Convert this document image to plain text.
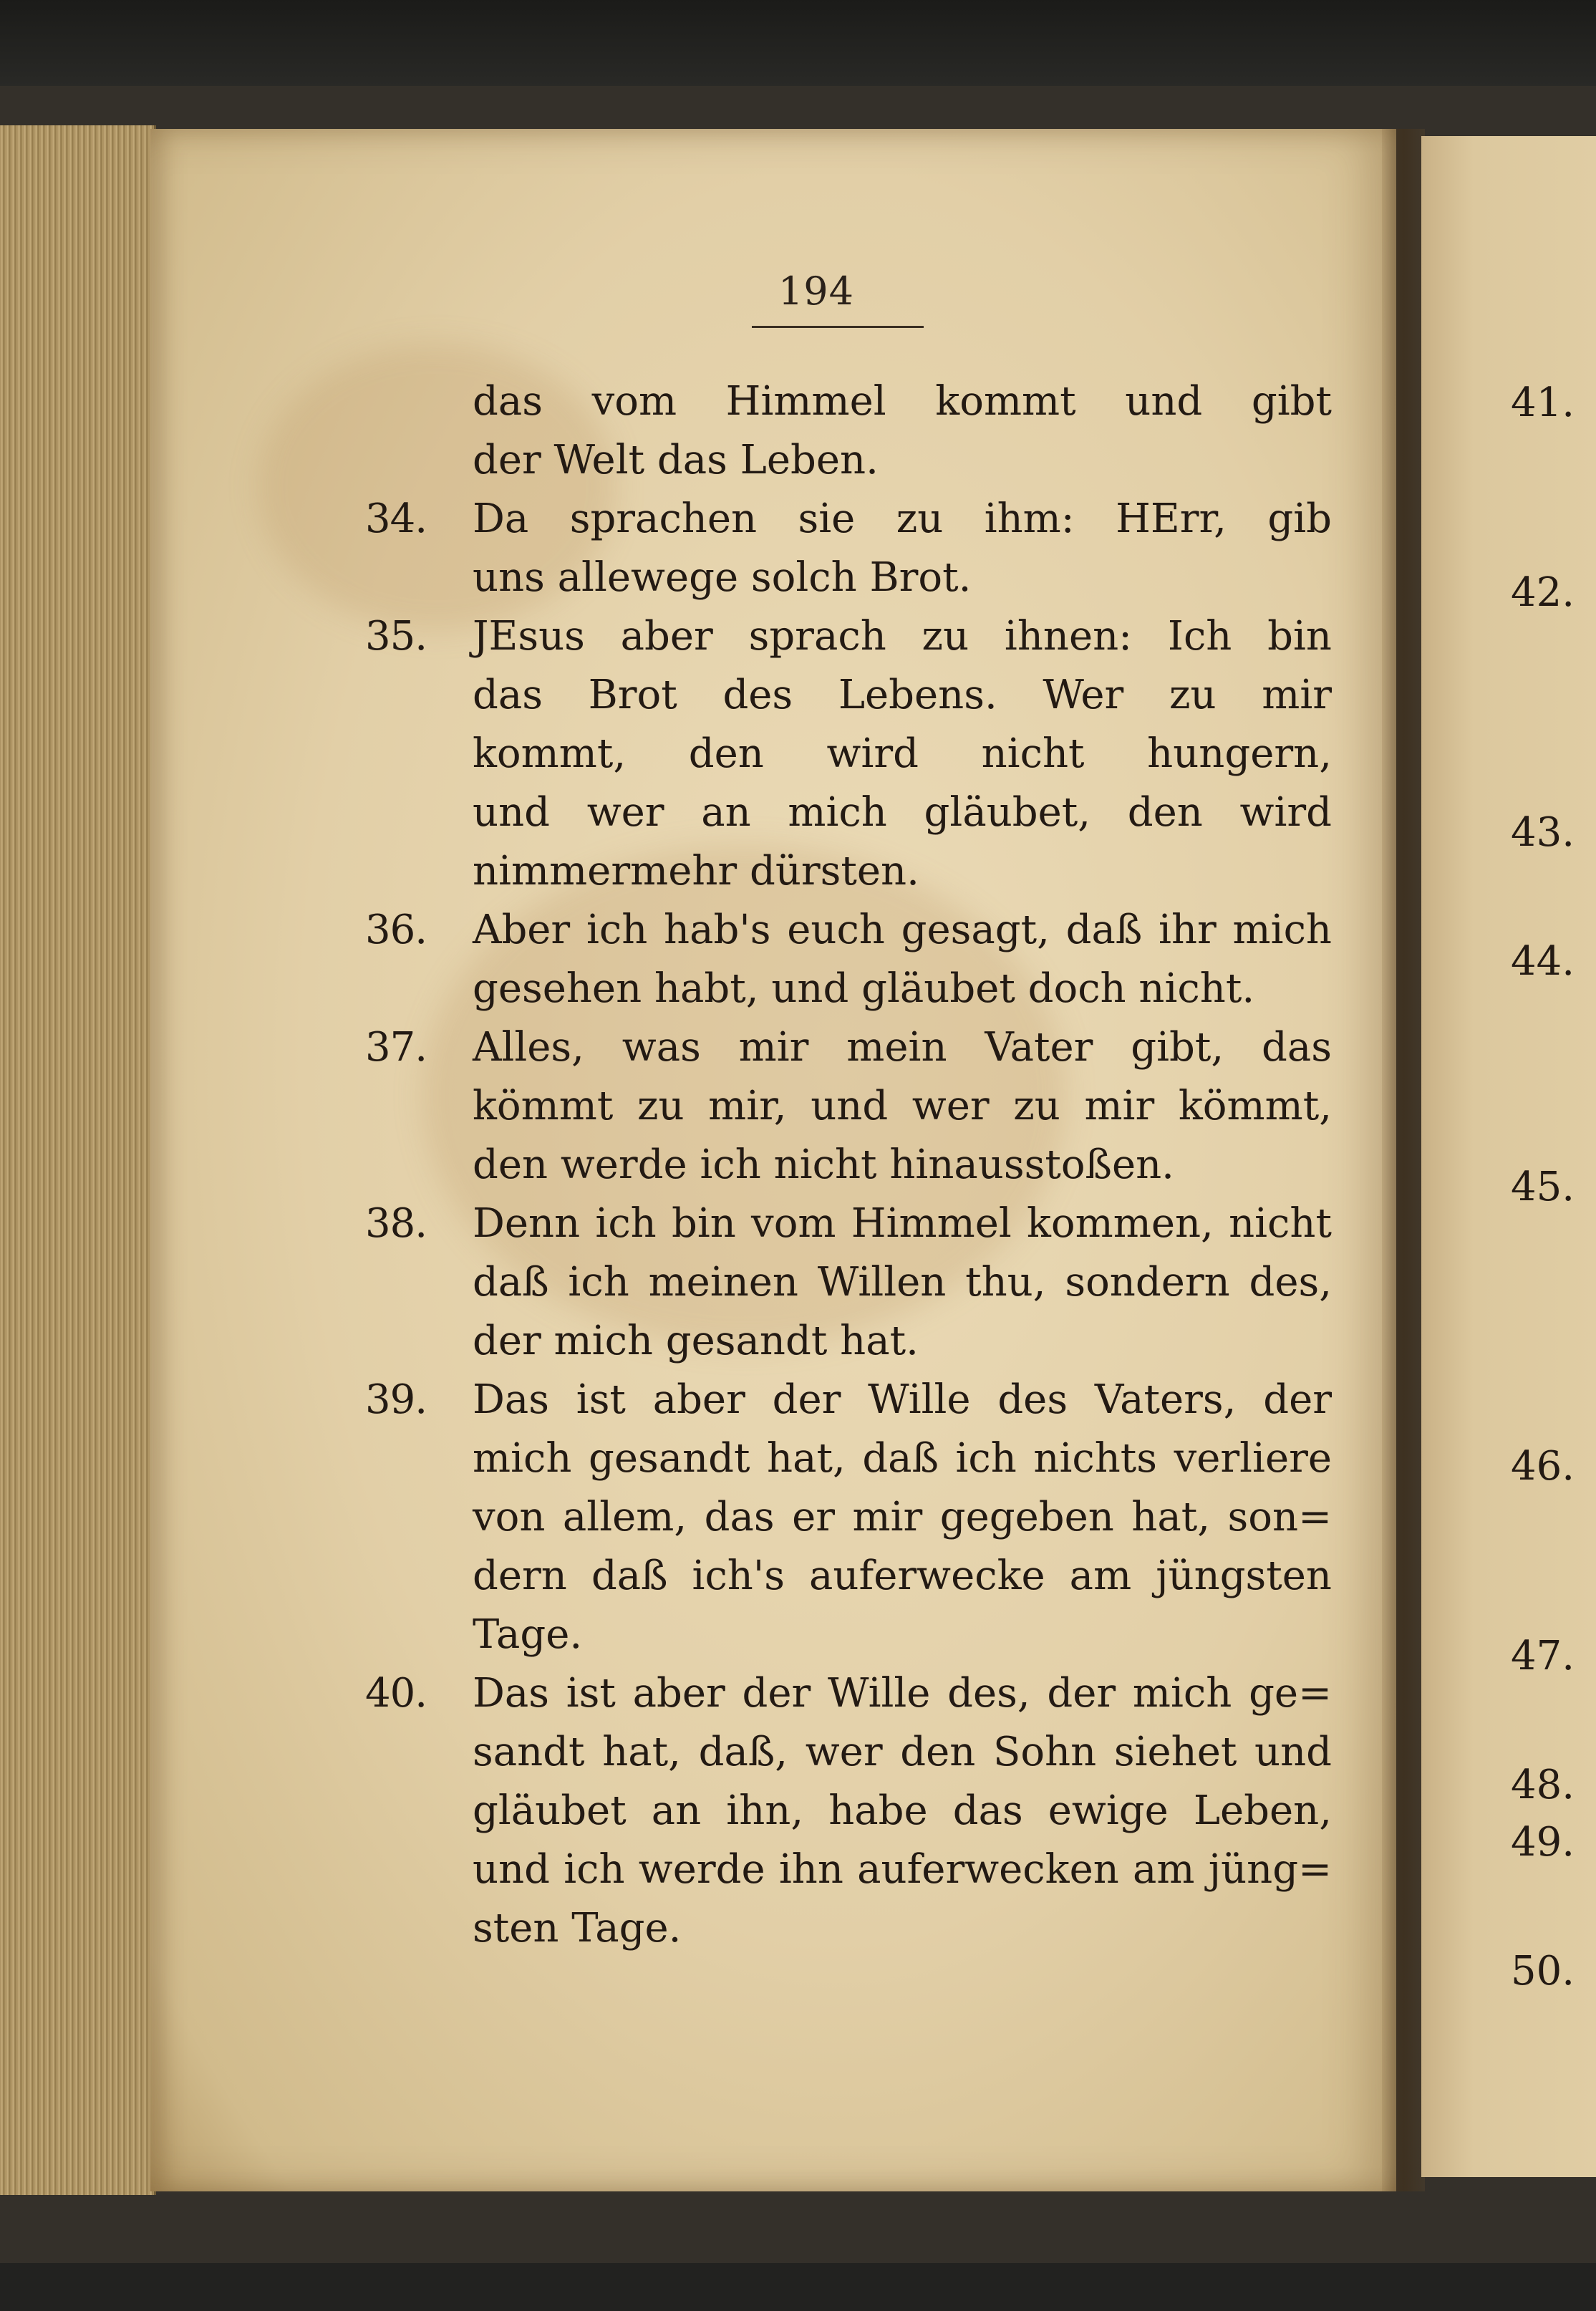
194
das vom Himmel kommt und gibt
der Welt das Leben.
34.	Da sprachen sie zu ihm: HErr, gib
uns allewege solch Brot.
35.	JEsus aber sprach zu ihnen: Ich bin
das Brot des Lebens. Wer zu mir
kommt, den wird nicht hungern,
und wer an mich gläubet, den wird
nimmermehr dürsten.
36.	Aber ich hab's euch gesagt, daß ihr mich
gesehen habt, und gläubet doch nicht.
37.	Alles, was mir mein Vater gibt, das
kömmt zu mir, und wer zu mir kömmt,
den werde ich nicht hinausstoßen.
38.	Denn ich bin vom Himmel kommen, nicht
daß ich meinen Willen thu, sondern des,
der mich gesandt hat.
39.	Das ist aber der Wille des Vaters, der
mich gesandt hat, daß ich nichts verliere
von allem, das er mir gegeben hat, son=
dern daß ich's auferwecke am jüngsten
Tage.
40.	Das ist aber der Wille des, der mich ge=
sandt hat, daß, wer den Sohn siehet und
gläubet an ihn, habe das ewige Leben,
und ich werde ihn auferwecken am jüng=
sten Tage.
41.
42.
43.
44.
45.
46.
47.
48.
49.
50.
